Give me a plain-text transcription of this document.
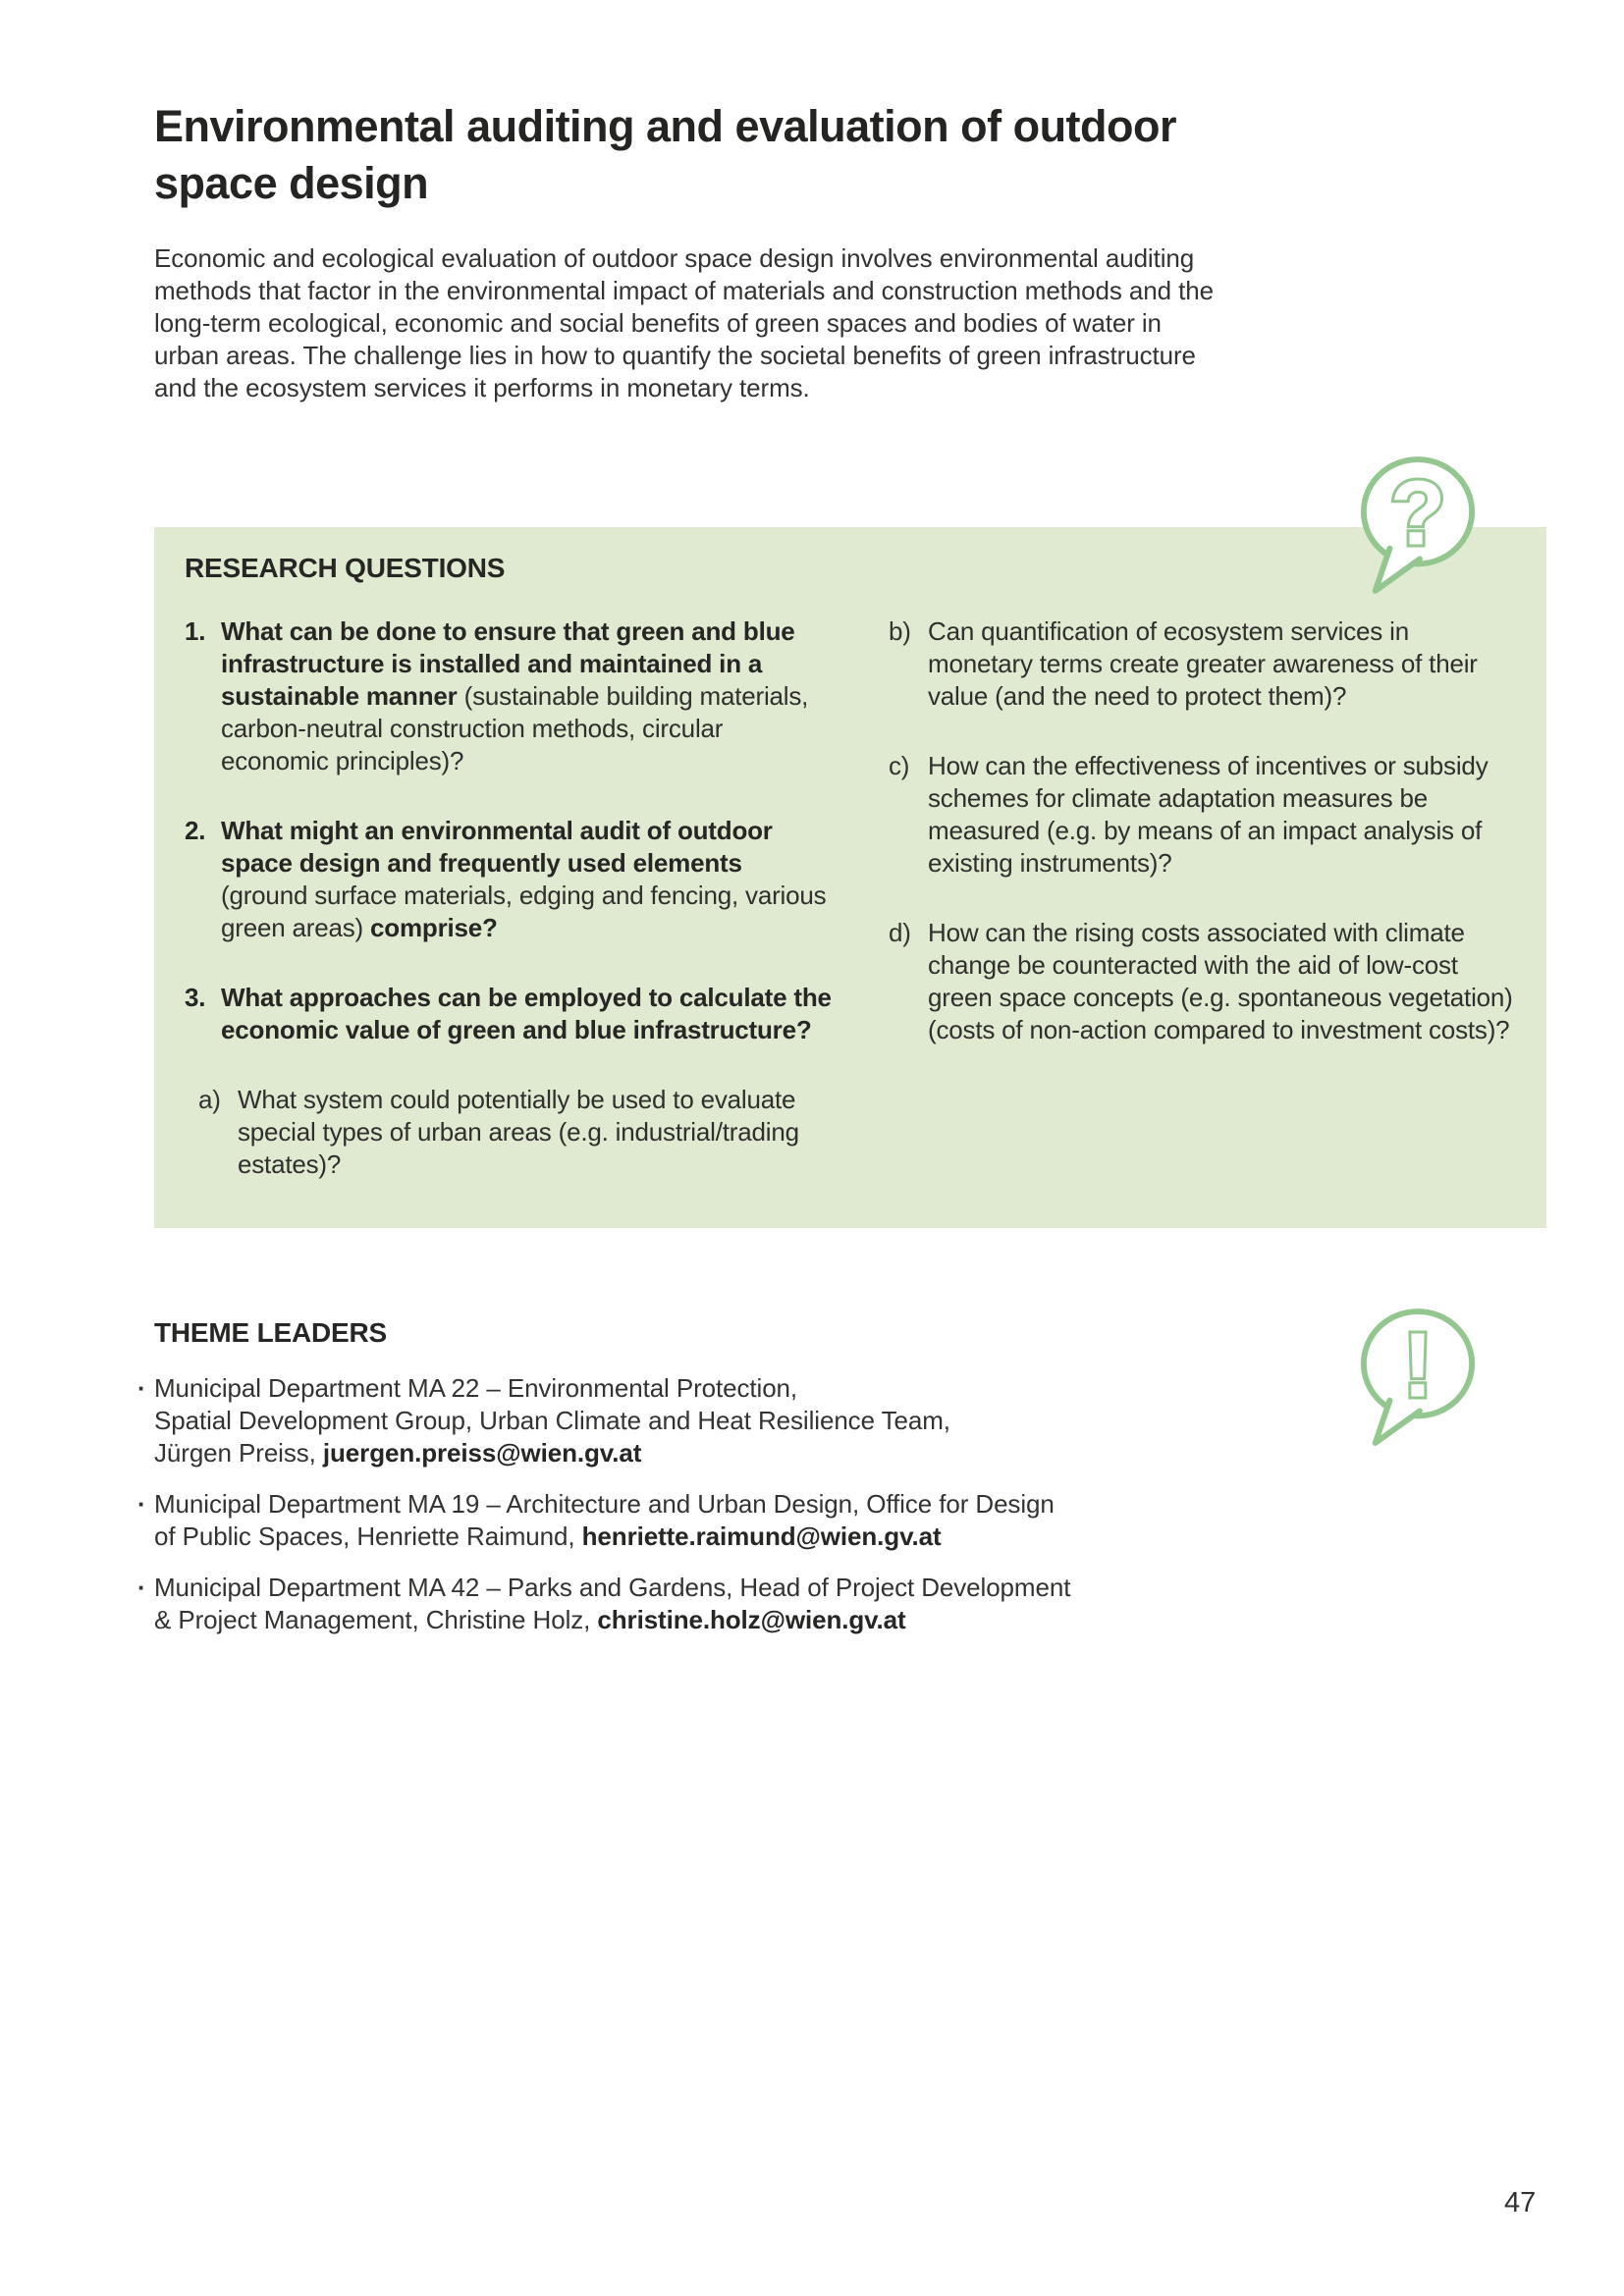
Environmental auditing and evaluation of outdoor
space design

Economic and ecological evaluation of outdoor space design involves environmental auditing methods that factor in the environmental impact of materials and construction methods and the long-term ecological, economic and social benefits of green spaces and bodies of water in urban areas. The challenge lies in how to quantify the societal benefits of green infrastructure and the ecosystem services it performs in monetary terms.

RESEARCH QUESTIONS
1. What can be done to ensure that green and blue infrastructure is installed and maintained in a sustainable manner (sustainable building materials, carbon-neutral construction methods, circular economic principles)?
2. What might an environmental audit of outdoor space design and frequently used elements (ground surface materials, edging and fencing, various green areas) comprise?
3. What approaches can be employed to calculate the economic value of green and blue infrastructure?
a) What system could potentially be used to evaluate special types of urban areas (e.g. industrial/trading estates)?
b) Can quantification of ecosystem services in monetary terms create greater awareness of their value (and the need to protect them)?
c) How can the effectiveness of incentives or subsidy schemes for climate adaptation measures be measured (e.g. by means of an impact analysis of existing instruments)?
d) How can the rising costs associated with climate change be counteracted with the aid of low-cost green space concepts (e.g. spontaneous vegetation) (costs of non-action compared to investment costs)?
?
THEME LEADERS
· Municipal Department MA 22 – Environmental Protection,
Spatial Development Group, Urban Climate and Heat Resilience Team,
Jürgen Preiss, juergen.preiss@wien.gv.at
· Municipal Department MA 19 – Architecture and Urban Design, Office for Design
of Public Spaces, Henriette Raimund, henriette.raimund@wien.gv.at
· Municipal Department MA 42 – Parks and Gardens, Head of Project Development
& Project Management, Christine Holz, christine.holz@wien.gv.at
!
47
